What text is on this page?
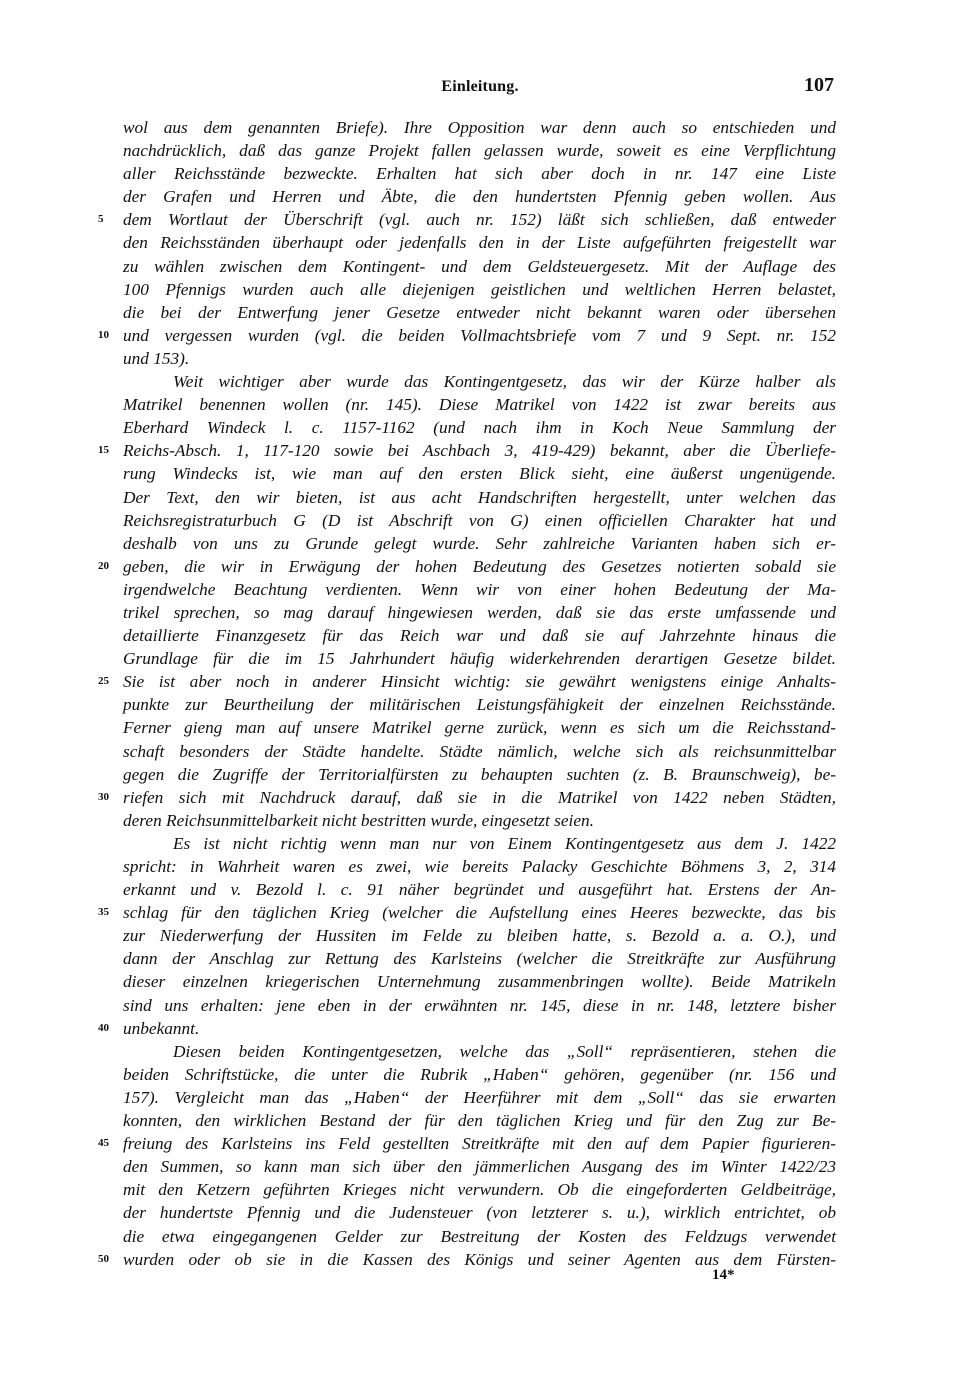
Einleitung.	107
wol aus dem genannten Briefe). Ihre Opposition war denn auch so entschieden und
nachdrücklich, daß das ganze Projekt fallen gelassen wurde, soweit es eine Verpflichtung
aller Reichsstände bezweckte. Erhalten hat sich aber doch in nr. 147 eine Liste
der Grafen und Herren und Äbte, die den hundertsten Pfennig geben wollen. Aus
5	dem Wortlaut der Überschrift (vgl. auch nr. 152) läßt sich schließen, daß entweder
den Reichsständen überhaupt oder jedenfalls den in der Liste aufgeführten freigestellt war
zu wählen zwischen dem Kontingent- und dem Geldsteuergesetz. Mit der Auflage des
100 Pfennigs wurden auch alle diejenigen geistlichen und weltlichen Herren belastet,
die bei der Entwerfung jener Gesetze entweder nicht bekannt waren oder übersehen
10 und vergessen wurden (vgl. die beiden Vollmachtsbriefe vom 7 und 9 Sept. nr. 152
und 153).
Weit wichtiger aber wurde das Kontingentgesetz, das wir der Kürze halber als
Matrikel benennen wollen (nr. 145). Diese Matrikel von 1422 ist zwar bereits aus
Eberhard Windeck l. c. 1157-1162 (und nach ihm in Koch Neue Sammlung der
15 Reichs-Absch. 1, 117-120 sowie bei Aschbach 3, 419-429) bekannt, aber die Überliefe-
rung Windecks ist, wie man auf den ersten Blick sieht, eine äußerst ungenügende.
Der Text, den wir bieten, ist aus acht Handschriften hergestellt, unter welchen das
Reichsregistraturbuch G (D ist Abschrift von G) einen officiellen Charakter hat und
deshalb von uns zu Grunde gelegt wurde. Sehr zahlreiche Varianten haben sich er-
20 geben, die wir in Erwägung der hohen Bedeutung des Gesetzes notierten sobald sie
irgendwelche Beachtung verdienten. Wenn wir von einer hohen Bedeutung der Ma-
trikel sprechen, so mag darauf hingewiesen werden, daß sie das erste umfassende und
detaillierte Finanzgesetz für das Reich war und daß sie auf Jahrzehnte hinaus die
Grundlage für die im 15 Jahrhundert häufig widerkehrenden derartigen Gesetze bildet.
25 Sie ist aber noch in anderer Hinsicht wichtig: sie gewährt wenigstens einige Anhalts-
punkte zur Beurtheilung der militärischen Leistungsfähigkeit der einzelnen Reichsstände.
Ferner gieng man auf unsere Matrikel gerne zurück, wenn es sich um die Reichsstand-
schaft besonders der Städte handelte. Städte nämlich, welche sich als reichsunmittelbar
gegen die Zugriffe der Territorialfürsten zu behaupten suchten (z. B. Braunschweig), be-
30 riefen sich mit Nachdruck darauf, daß sie in die Matrikel von 1422 neben Städten,
deren Reichsunmittelbarkeit nicht bestritten wurde, eingesetzt seien.
Es ist nicht richtig wenn man nur von Einem Kontingentgesetz aus dem J. 1422
spricht: in Wahrheit waren es zwei, wie bereits Palacky Geschichte Böhmens 3, 2, 314
erkannt und v. Bezold l. c. 91 näher begründet und ausgeführt hat. Erstens der An-
35 schlag für den täglichen Krieg (welcher die Aufstellung eines Heeres bezweckte, das bis
zur Niederwerfung der Hussiten im Felde zu bleiben hatte, s. Bezold a. a. O.), und
dann der Anschlag zur Rettung des Karlsteins (welcher die Streitkräfte zur Ausführung
dieser einzelnen kriegerischen Unternehmung zusammenbringen wollte). Beide Matrikeln
sind uns erhalten: jene eben in der erwähnten nr. 145, diese in nr. 148, letztere bisher
40 unbekannt.
Diesen beiden Kontingentgesetzen, welche das „Soll“ repräsentieren, stehen die
beiden Schriftstücke, die unter die Rubrik „Haben“ gehören, gegenüber (nr. 156 und
157). Vergleicht man das „Haben“ der Heerführer mit dem „Soll“ das sie erwarten
konnten, den wirklichen Bestand der für den täglichen Krieg und für den Zug zur Be-
45 freiung des Karlsteins ins Feld gestellten Streitkräfte mit den auf dem Papier figurieren-
den Summen, so kann man sich über den jämmerlichen Ausgang des im Winter 1422/23
mit den Ketzern geführten Krieges nicht verwundern. Ob die eingeforderten Geldbeiträge,
der hundertste Pfennig und die Judensteuer (von letzterer s. u.), wirklich entrichtet, ob
die etwa eingegangenen Gelder zur Bestreitung der Kosten des Feldzugs verwendet
50 wurden oder ob sie in die Kassen des Königs und seiner Agenten aus dem Fürsten-
14*
